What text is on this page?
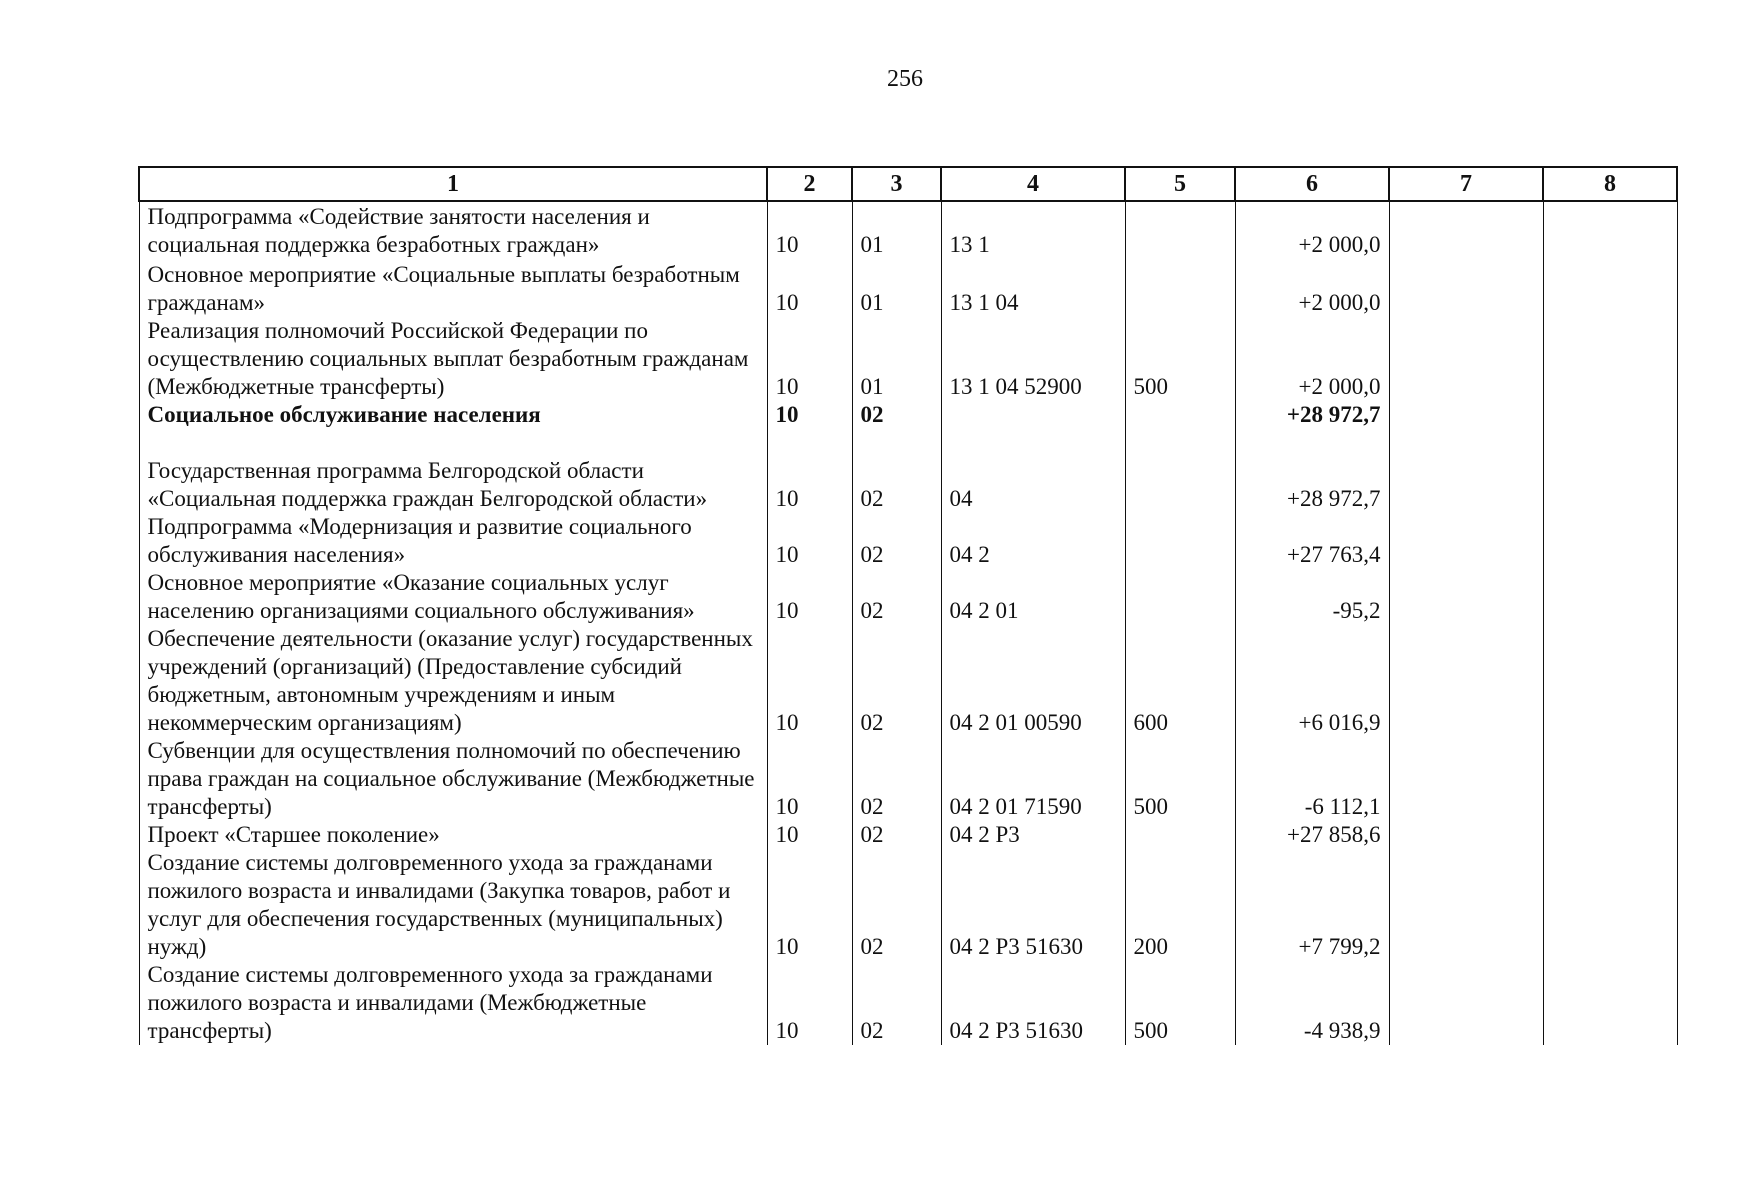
256
1	2	3	4	5	6	7	8
Подпрограмма «Содействие занятости населения и социальная поддержка безработных граждан»	10	01	13 1		+2 000,0		
Основное мероприятие «Социальные выплаты безработным гражданам»	10	01	13 1 04		+2 000,0		
Реализация полномочий Российской Федерации по осуществлению социальных выплат безработным гражданам (Межбюджетные трансферты)	10	01	13 1 04 52900	500	+2 000,0		
Социальное обслуживание населения	10	02			+28 972,7		
Государственная программа Белгородской области «Социальная поддержка граждан Белгородской области»	10	02	04		+28 972,7		
Подпрограмма «Модернизация и развитие социального обслуживания населения»	10	02	04 2		+27 763,4		
Основное мероприятие «Оказание социальных услуг населению организациями социального обслуживания»	10	02	04 2 01		-95,2		
Обеспечение деятельности (оказание услуг) государственных учреждений (организаций) (Предоставление субсидий бюджетным, автономным учреждениям и иным некоммерческим организациям)	10	02	04 2 01 00590	600	+6 016,9		
Субвенции для осуществления полномочий по обеспечению права граждан на социальное обслуживание (Межбюджетные трансферты)	10	02	04 2 01 71590	500	-6 112,1		
Проект «Старшее поколение»	10	02	04 2 Р3		+27 858,6		
Создание системы долговременного ухода за гражданами пожилого возраста и инвалидами (Закупка товаров, работ и услуг для обеспечения государственных (муниципальных) нужд)	10	02	04 2 Р3 51630	200	+7 799,2		
Создание системы долговременного ухода за гражданами пожилого возраста и инвалидами (Межбюджетные трансферты)	10	02	04 2 Р3 51630	500	-4 938,9		
